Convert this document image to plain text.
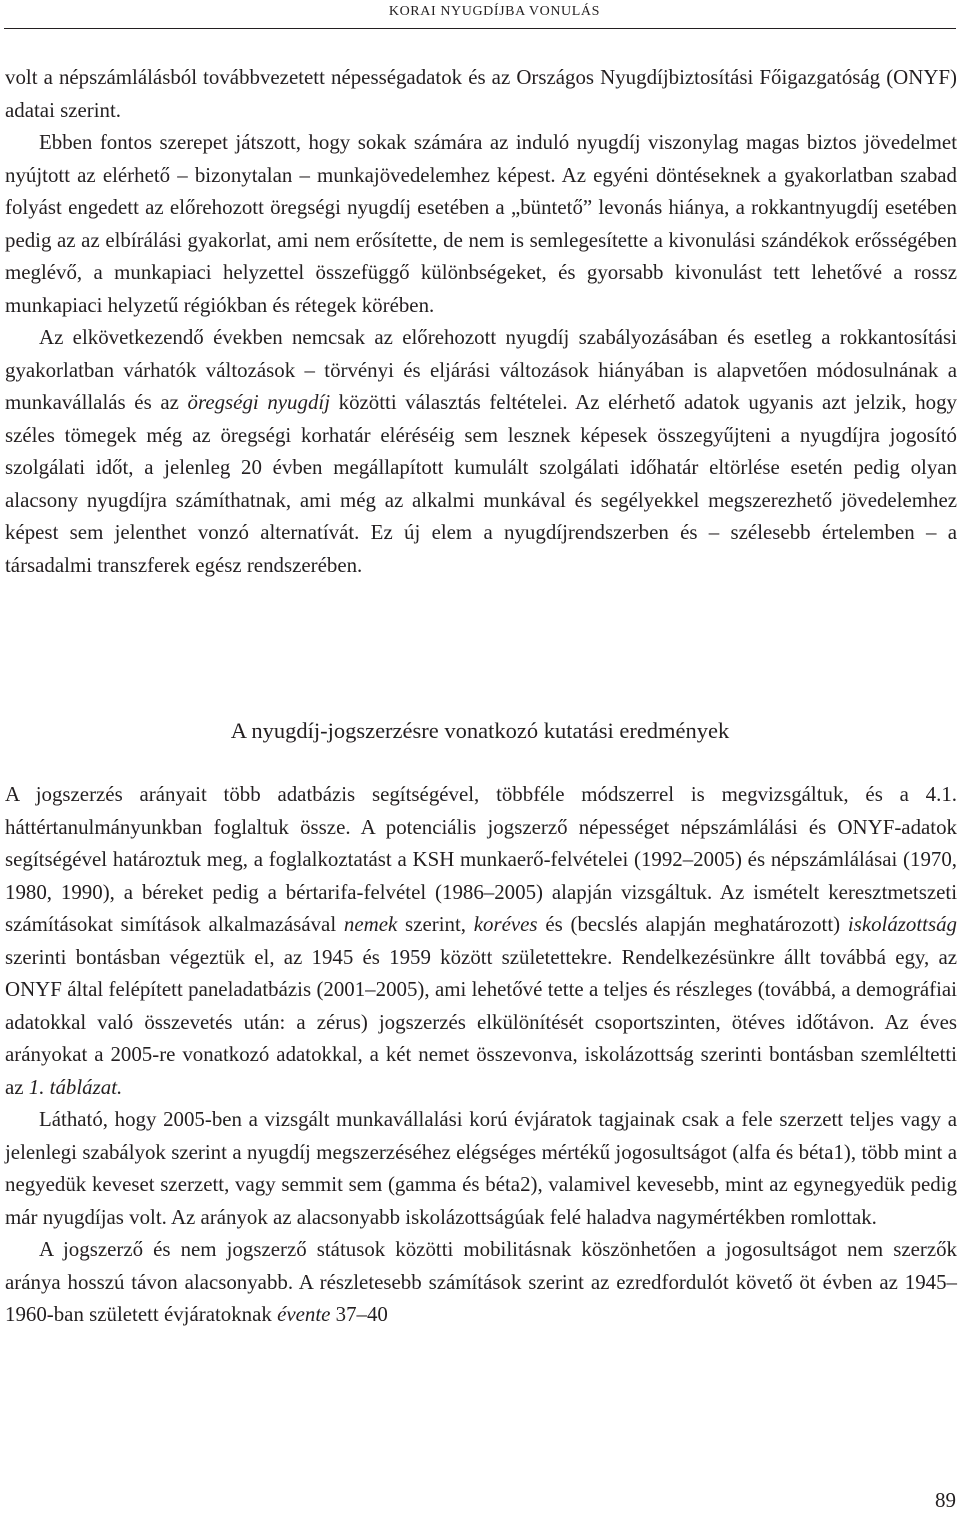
KORAI NYUGDÍJBA VONULÁS

volt a népszámlálásból továbbvezetett népességadatok és az Országos Nyugdíjbiztosítási Főigazgatóság (ONYF) adatai szerint.

Ebben fontos szerepet játszott, hogy sokak számára az induló nyugdíj viszonylag magas biztos jövedelmet nyújtott az elérhető – bizonytalan – munkajövedelemhez képest. Az egyéni döntéseknek a gyakorlatban szabad folyást engedett az előrehozott öregségi nyugdíj esetében a „büntető” levonás hiánya, a rokkantnyugdíj esetében pedig az az elbírálási gyakorlat, ami nem erősítette, de nem is semlegesítette a kivonulási szándékok erősségében meglévő, a munkapiaci helyzettel összefüggő különbségeket, és gyorsabb kivonulást tett lehetővé a rossz munkapiaci helyzetű régiókban és rétegek körében.

Az elkövetkezendő években nemcsak az előrehozott nyugdíj szabályozásában és esetleg a rokkantosítási gyakorlatban várhatók változások – törvényi és eljárási változások hiányában is alapvetően módosulnának a munkavállalás és az öregségi nyugdíj közötti választás feltételei. Az elérhető adatok ugyanis azt jelzik, hogy széles tömegek még az öregségi korhatár eléréséig sem lesznek képesek összegyűjteni a nyugdíjra jogosító szolgálati időt, a jelenleg 20 évben megállapított kumulált szolgálati időhatár eltörlése esetén pedig olyan alacsony nyugdíjra számíthatnak, ami még az alkalmi munkával és segélyekkel megszerezhető jövedelemhez képest sem jelenthet vonzó alternatívát. Ez új elem a nyugdíjrendszerben és – szélesebb értelemben – a társadalmi transzferek egész rendszerében.

A nyugdíj-jogszerzésre vonatkozó kutatási eredmények

A jogszerzés arányait több adatbázis segítségével, többféle módszerrel is megvizsgáltuk, és a 4.1. háttértanulmányunkban foglaltuk össze. A potenciális jogszerző népességet népszámlálási és ONYF-adatok segítségével határoztuk meg, a foglalkoztatást a KSH munkaerő-felvételei (1992–2005) és népszámlálásai (1970, 1980, 1990), a béreket pedig a bértarifa-felvétel (1986–2005) alapján vizsgáltuk. Az ismételt keresztmetszeti számításokat simítások alkalmazásával nemek szerint, koréves és (becslés alapján meghatározott) iskolázottság szerinti bontásban végeztük el, az 1945 és 1959 között születettekre. Rendelkezésünkre állt továbbá egy, az ONYF által felépített paneladatbázis (2001–2005), ami lehetővé tette a teljes és részleges (továbbá, a demográfiai adatokkal való összevetés után: a zérus) jogszerzés elkülönítését csoportszinten, ötéves időtávon. Az éves arányokat a 2005-re vonatkozó adatokkal, a két nemet összevonva, iskolázottság szerinti bontásban szemléltetti az 1. táblázat.

Látható, hogy 2005-ben a vizsgált munkavállalási korú évjáratok tagjainak csak a fele szerzett teljes vagy a jelenlegi szabályok szerint a nyugdíj megszerzéséhez elégséges mértékű jogosultságot (alfa és béta1), több mint a negyedük keveset szerzett, vagy semmit sem (gamma és béta2), valamivel kevesebb, mint az egynegyedük pedig már nyugdíjas volt. Az arányok az alacsonyabb iskolázottságúak felé haladva nagymértékben romlottak.

A jogszerző és nem jogszerző státusok közötti mobilitásnak köszönhetően a jogosultságot nem szerzők aránya hosszú távon alacsonyabb. A részletesebb számítások szerint az ezredfordulót követő öt évben az 1945–1960-ban született évjáratoknak évente 37–40

89
